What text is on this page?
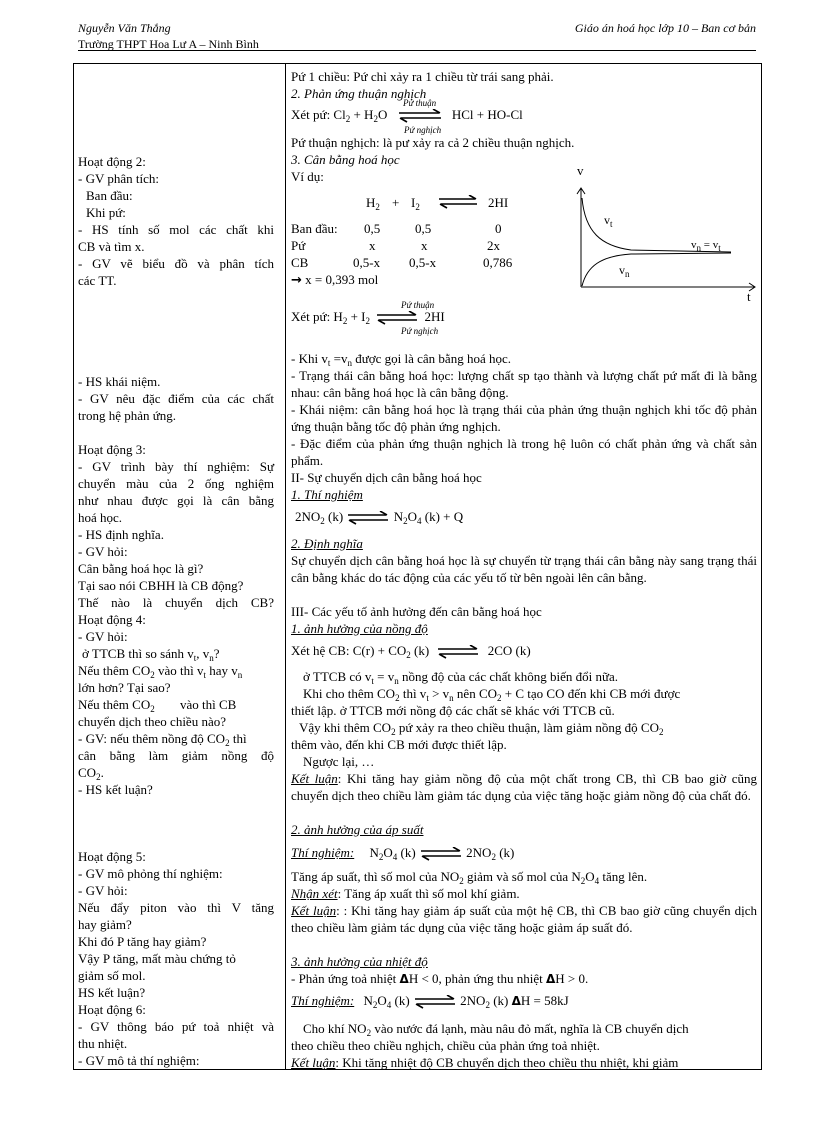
Nguyễn Văn Thắng
Trường THPT Hoa Lư A – Ninh Bình
Giáo án hoá học lớp 10 – Ban cơ bản
Hoạt động 2:
- GV phân tích:
Ban đầu:
Khi pứ:
- HS tính số mol các chất khi
CB và tìm x.
- GV vẽ biểu đồ và phân tích
các TT.
- HS khái niệm.
- GV nêu đặc điểm của các chất
trong hệ phản ứng.
Hoạt động 3:
- GV trình bày thí nghiệm: Sự
chuyển màu của 2 ống nghiệm
như nhau được gọi là cân bằng
hoá học.
- HS định nghĩa.
- GV hỏi:
Cân bằng hoá học là gì?
Tại sao nói CBHH là CB động?
Thế nào là chuyển dịch CB?
Hoạt động 4:
- GV hỏi:
ở TTCB thì so sánh $v_t$, $v_n$?
Nếu thêm $CO_2$ vào thì $v_t$ hay $v_n$
lớn hơn? Tại sao?
Nếu thêm $CO_2$ vào thì CB
chuyển dịch theo chiều nào?
- GV: nếu thêm nồng độ $CO_2$ thì
cân bằng làm giảm nồng độ
$CO_2$.
- HS kết luận?
Hoạt động 5:
- GV mô phỏng thí nghiệm:
- GV hỏi:
Nếu đẩy piton vào thì V tăng
hay giảm?
Khi đó P tăng hay giảm?
Vậy P tăng, mất màu chứng tỏ
giảm số mol.
HS kết luận?
Hoạt động 6:
- GV thông báo pứ toả nhiệt và
thu nhiệt.
- GV mô tả thí nghiệm:
Pứ 1 chiều: Pứ chỉ xảy ra 1 chiều từ trái sang phải.
2. Phản ứng thuận nghịch
Xét pứ: $Cl_2 + H_2O$ ⇌ HCl + HO-Cl
Pứ thuận
Pứ nghịch
Pứ thuận nghịch: là pư xảy ra cả 2 chiều thuận nghịch.
3. Cân bằng hoá học
Ví dụ:
$H_2 + I_2$ ⇌ 2HI
Ban đầu: 0,5	0,5	0
Pứ	x	x	2x
CB	0,5-x 0,5-x	0,786
→ x = 0,393 mol
v
t
$v_t$
$v_n$
$v_n = v_t$
Xét pứ: $H_2 + I_2$ ⇌ 2HI
Pứ thuận
Pứ nghịch
- Khi $v_t =v_n$ được gọi là cân bằng hoá học.
- Trạng thái cân bằng hoá học: lượng chất sp tạo thành và lượng chất pứ mất đi là bằng nhau: cân bằng hoá học là cân bằng động.
- Khái niệm: cân bằng hoá học là trạng thái của phản ứng thuận nghịch khi tốc độ phản ứng thuận bằng tốc độ phản ứng nghịch.
- Đặc điểm của phản ứng thuận nghịch là trong hệ luôn có chất phản ứng và chất sản phẩm.
II- Sự chuyển dịch cân bằng hoá học
1. Thí nghiệm
$2NO_2$ (k) ⇌ $N_2O_4$ (k) + Q
2. Định nghĩa
Sự chuyển dịch cân bằng hoá học là sự chuyển từ trạng thái cân bằng này sang trạng thái cân bằng khác do tác động của các yếu tố từ bên ngoài lên cân bằng.
III- Các yếu tố ảnh hưởng đến cân bằng hoá học
1. ảnh hưởng của nồng độ
Xét hệ CB: $C(r) + CO_2$ (k) ⇌ 2CO (k)
ở TTCB có $v_t = v_n$ nồng độ của các chất không biến đổi nữa.
Khi cho thêm $CO_2$ thì $v_t > v_n$ nên $CO_2 + C$ tạo CO đến khi CB mới được
thiết lập. ở TTCB mới nồng độ các chất sẽ khác với TTCB cũ.
Vậy khi thêm $CO_2$ pứ xảy ra theo chiều thuận, làm giảm nồng độ $CO_2$
thêm vào, đến khi CB mới được thiết lập.
Ngược lại, …
Kết luận: Khi tăng hay giảm nồng độ của một chất trong CB, thì CB bao giờ cũng chuyển dịch theo chiều làm giảm tác dụng của việc tăng hoặc giảm nồng độ của chất đó.
2. ảnh hưởng của áp suất
Thí nghiệm: $N_2O_4$ (k) ⇌ $2NO_2$ (k)
Tăng áp suất, thì số mol của $NO_2$ giảm và số mol của $N_2O_4$ tăng lên.
Nhận xét: Tăng áp xuất thì số mol khí giảm.
Kết luận: : Khi tăng hay giảm áp suất của một hệ CB, thì CB bao giờ cũng chuyển dịch theo chiều làm giảm tác dụng của việc tăng hoặc giảm áp suất đó.
3. ảnh hưởng của nhiệt độ
- Phản ứng toả nhiệt ΔH < 0, phản ứng thu nhiệt ΔH > 0.
Thí nghiệm: $N_2O_4$ (k) ⇌ $2NO_2$ (k) ΔH = 58kJ
Cho khí $NO_2$ vào nước đá lạnh, màu nâu đỏ mất, nghĩa là CB chuyển dịch
theo chiều theo chiều nghịch, chiều của phản ứng toả nhiệt.
Kết luận: Khi tăng nhiệt độ CB chuyển dịch theo chiều thu nhiệt, khi giảm
